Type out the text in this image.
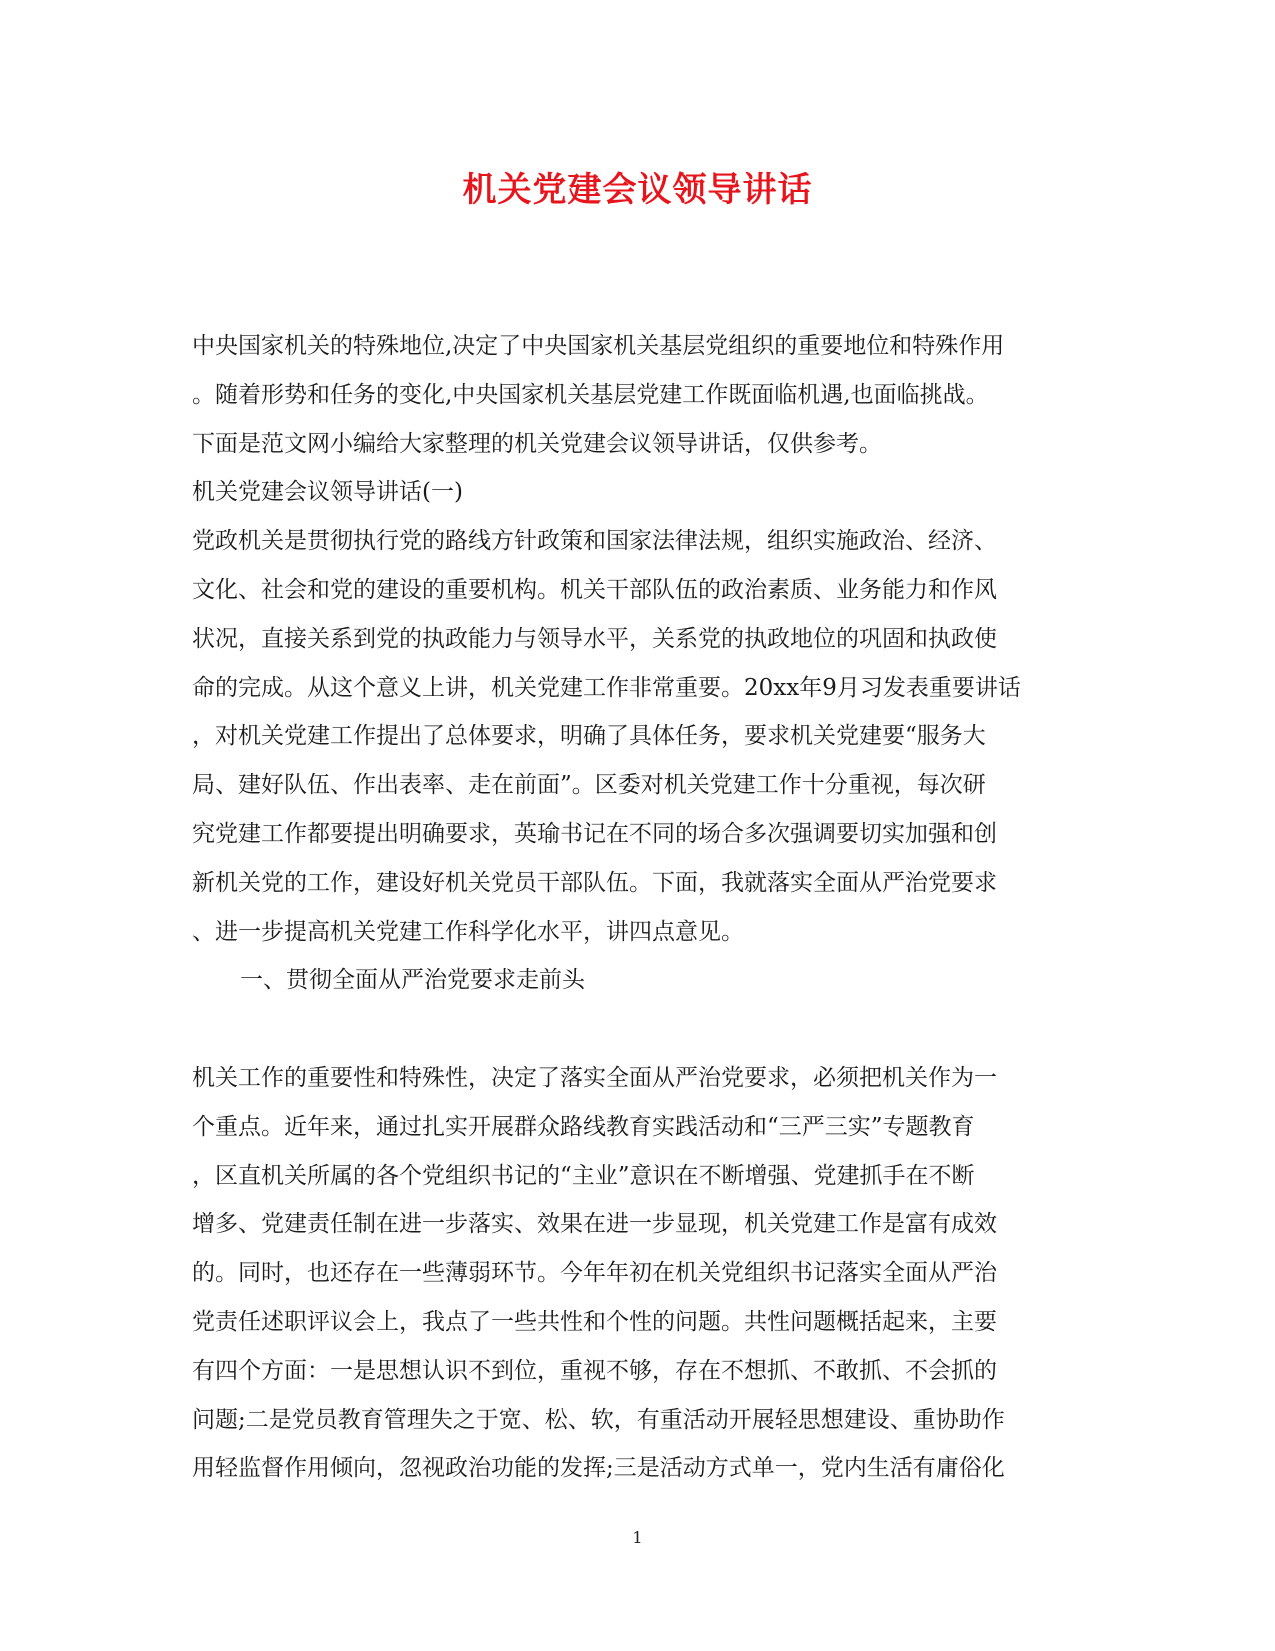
机关党建会议领导讲话
中央国家机关的特殊地位,决定了中央国家机关基层党组织的重要地位和特殊作用
。随着形势和任务的变化,中央国家机关基层党建工作既面临机遇,也面临挑战。
下面是范文网小编给大家整理的机关党建会议领导讲话，仅供参考。
机关党建会议领导讲话(一)
党政机关是贯彻执行党的路线方针政策和国家法律法规，组织实施政治、经济、
文化、社会和党的建设的重要机构。机关干部队伍的政治素质、业务能力和作风
状况，直接关系到党的执政能力与领导水平，关系党的执政地位的巩固和执政使
命的完成。从这个意义上讲，机关党建工作非常重要。20xx年9月习发表重要讲话
，对机关党建工作提出了总体要求，明确了具体任务，要求机关党建要“服务大
局、建好队伍、作出表率、走在前面”。区委对机关党建工作十分重视，每次研
究党建工作都要提出明确要求，英瑜书记在不同的场合多次强调要切实加强和创
新机关党的工作，建设好机关党员干部队伍。下面，我就落实全面从严治党要求
、进一步提高机关党建工作科学化水平，讲四点意见。
一、贯彻全面从严治党要求走前头
机关工作的重要性和特殊性，决定了落实全面从严治党要求，必须把机关作为一
个重点。近年来，通过扎实开展群众路线教育实践活动和“三严三实”专题教育
，区直机关所属的各个党组织书记的“主业”意识在不断增强、党建抓手在不断
增多、党建责任制在进一步落实、效果在进一步显现，机关党建工作是富有成效
的。同时，也还存在一些薄弱环节。今年年初在机关党组织书记落实全面从严治
党责任述职评议会上，我点了一些共性和个性的问题。共性问题概括起来，主要
有四个方面：一是思想认识不到位，重视不够，存在不想抓、不敢抓、不会抓的
问题;二是党员教育管理失之于宽、松、软，有重活动开展轻思想建设、重协助作
用轻监督作用倾向，忽视政治功能的发挥;三是活动方式单一，党内生活有庸俗化
1
